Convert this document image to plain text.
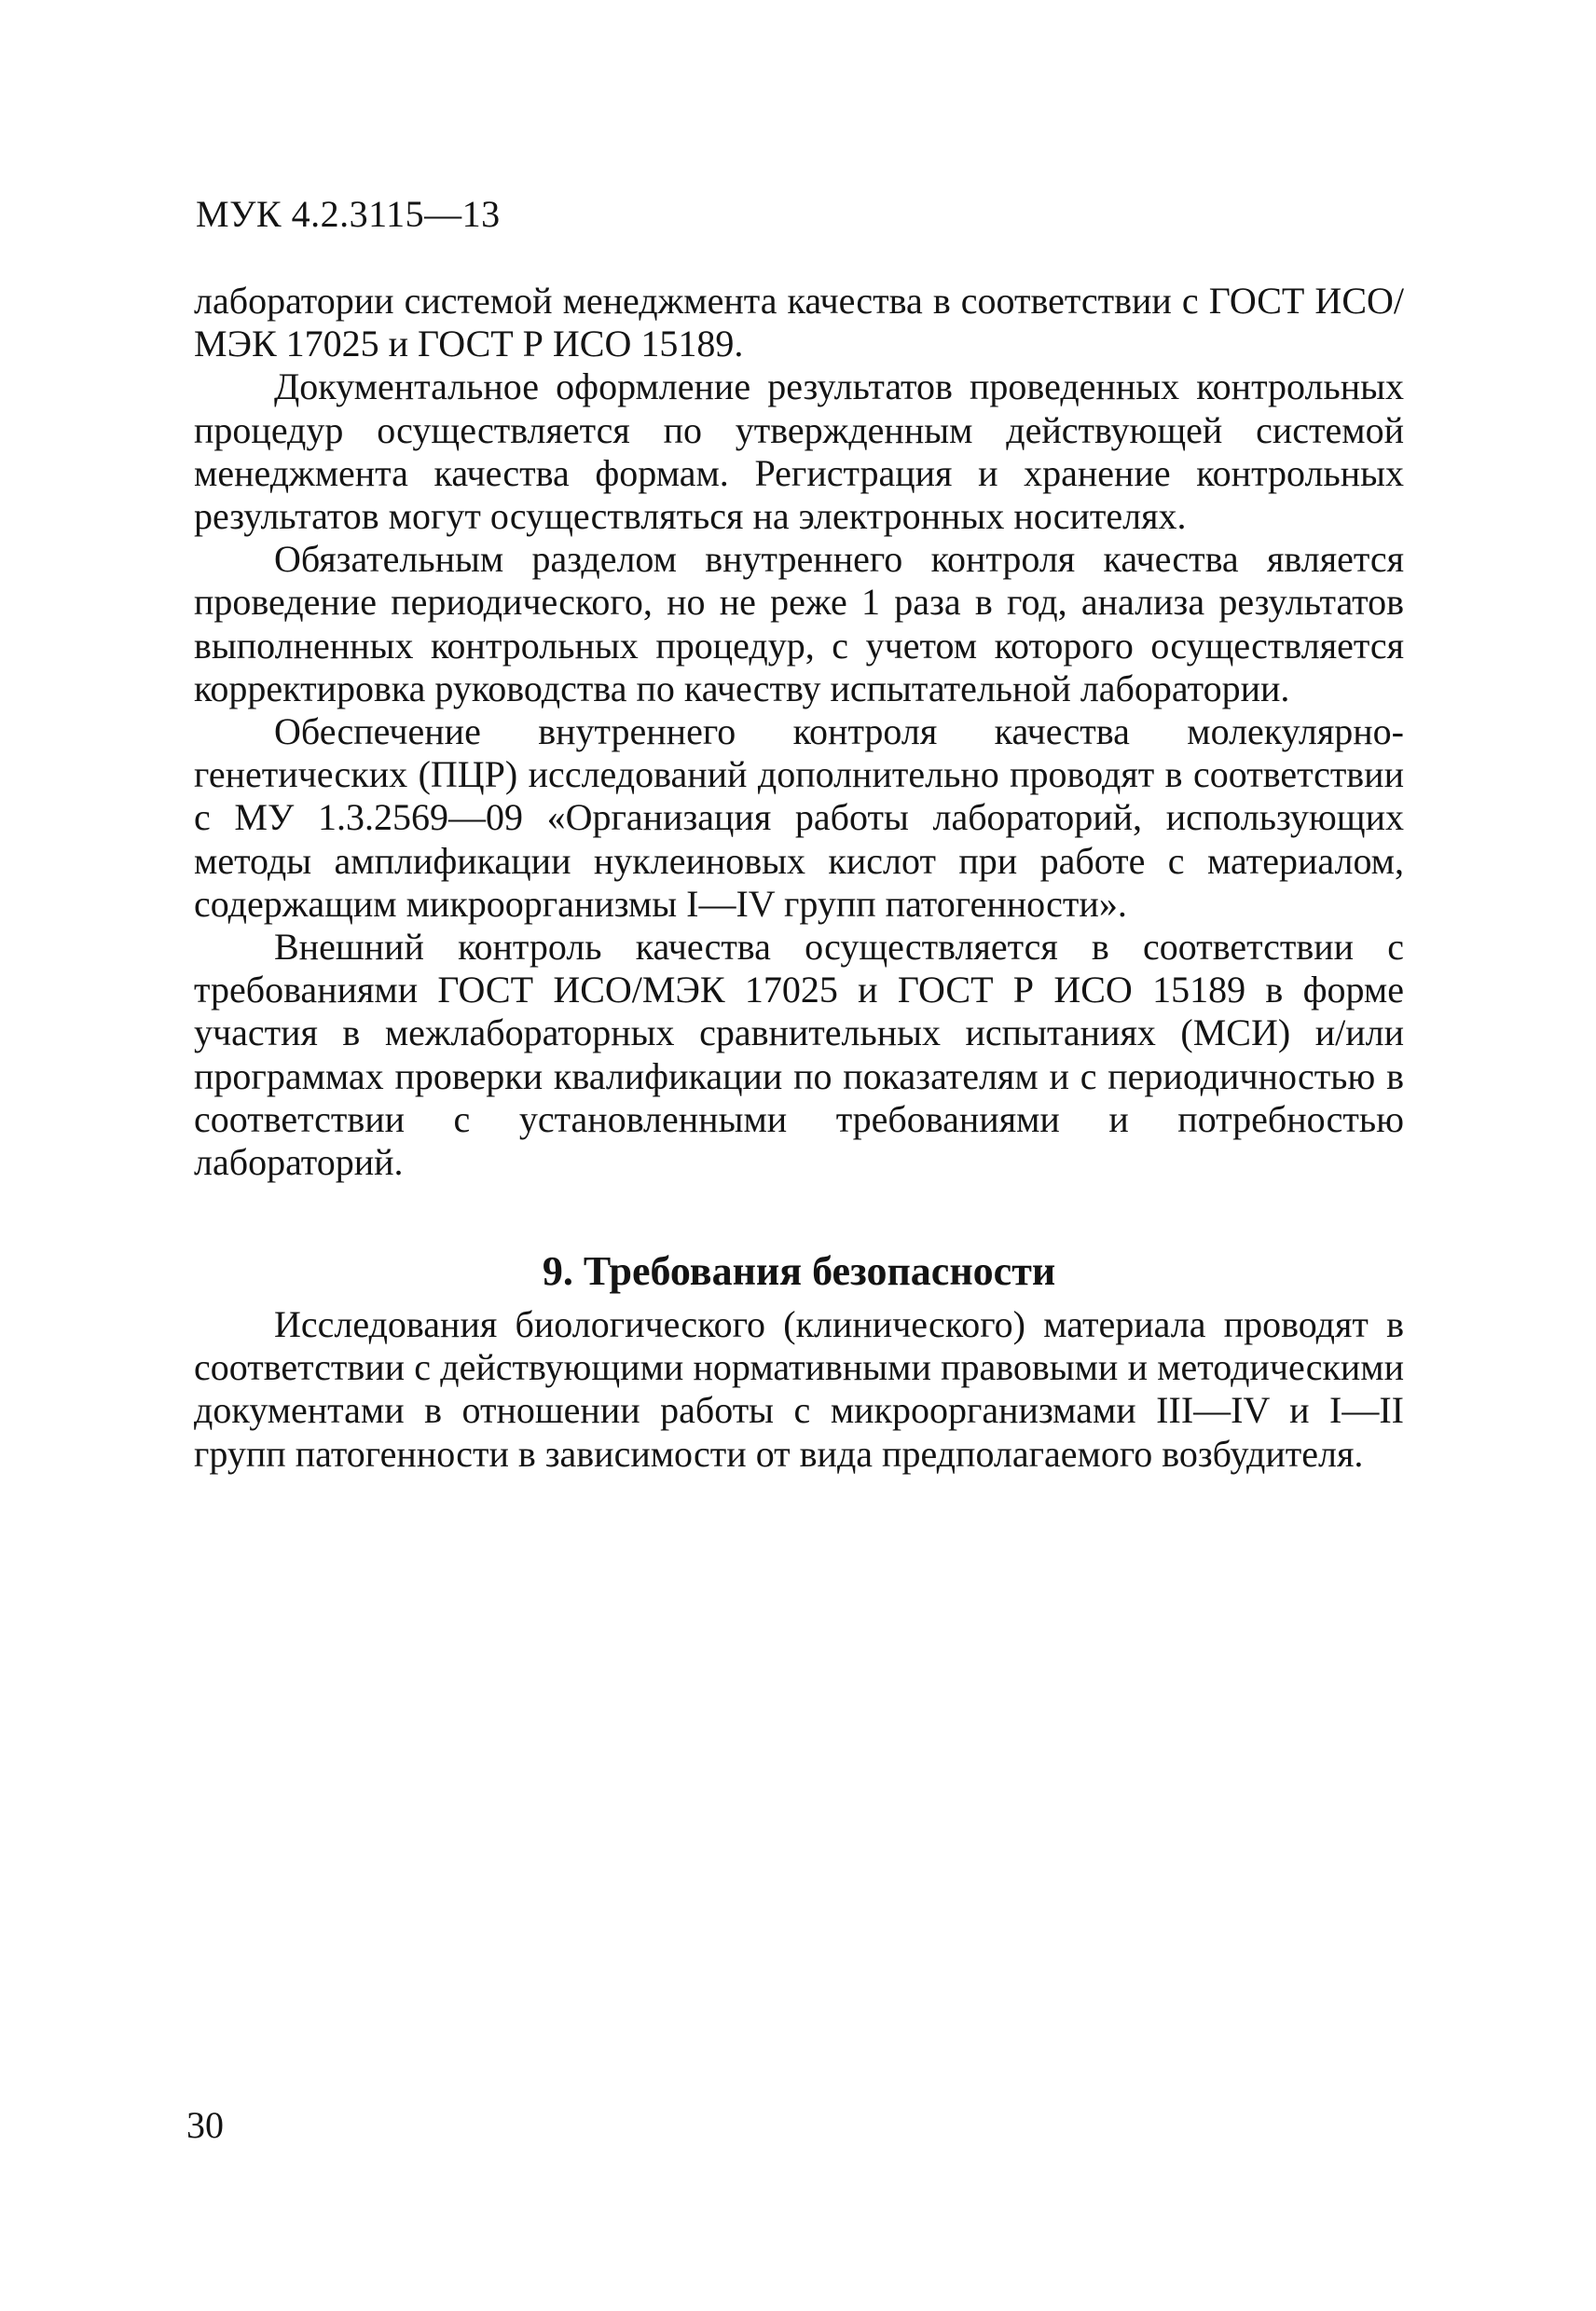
МУК 4.2.3115—13

лаборатории системой менеджмента качества в соответствии с ГОСТ ИСО/МЭК 17025 и ГОСТ Р ИСО 15189.

Документальное оформление результатов проведенных контрольных процедур осуществляется по утвержденным действующей системой менеджмента качества формам. Регистрация и хранение контрольных результатов могут осуществляться на электронных носителях.

Обязательным разделом внутреннего контроля качества является проведение периодического, но не реже 1 раза в год, анализа результатов выполненных контрольных процедур, с учетом которого осуществляется корректировка руководства по качеству испытательной лаборатории.

Обеспечение внутреннего контроля качества молекулярно-генетических (ПЦР) исследований дополнительно проводят в соответствии с МУ 1.3.2569—09 «Организация работы лабораторий, использующих методы амплификации нуклеиновых кислот при работе с материалом, содержащим микроорганизмы I—IV групп патогенности».

Внешний контроль качества осуществляется в соответствии с требованиями ГОСТ ИСО/МЭК 17025 и ГОСТ Р ИСО 15189 в форме участия в межлабораторных сравнительных испытаниях (МСИ) и/или программах проверки квалификации по показателям и с периодичностью в соответствии с установленными требованиями и потребностью лабораторий.

9. Требования безопасности

Исследования биологического (клинического) материала проводят в соответствии с действующими нормативными правовыми и методическими документами в отношении работы с микроорганизмами III—IV и I—II групп патогенности в зависимости от вида предполагаемого возбудителя.

30
